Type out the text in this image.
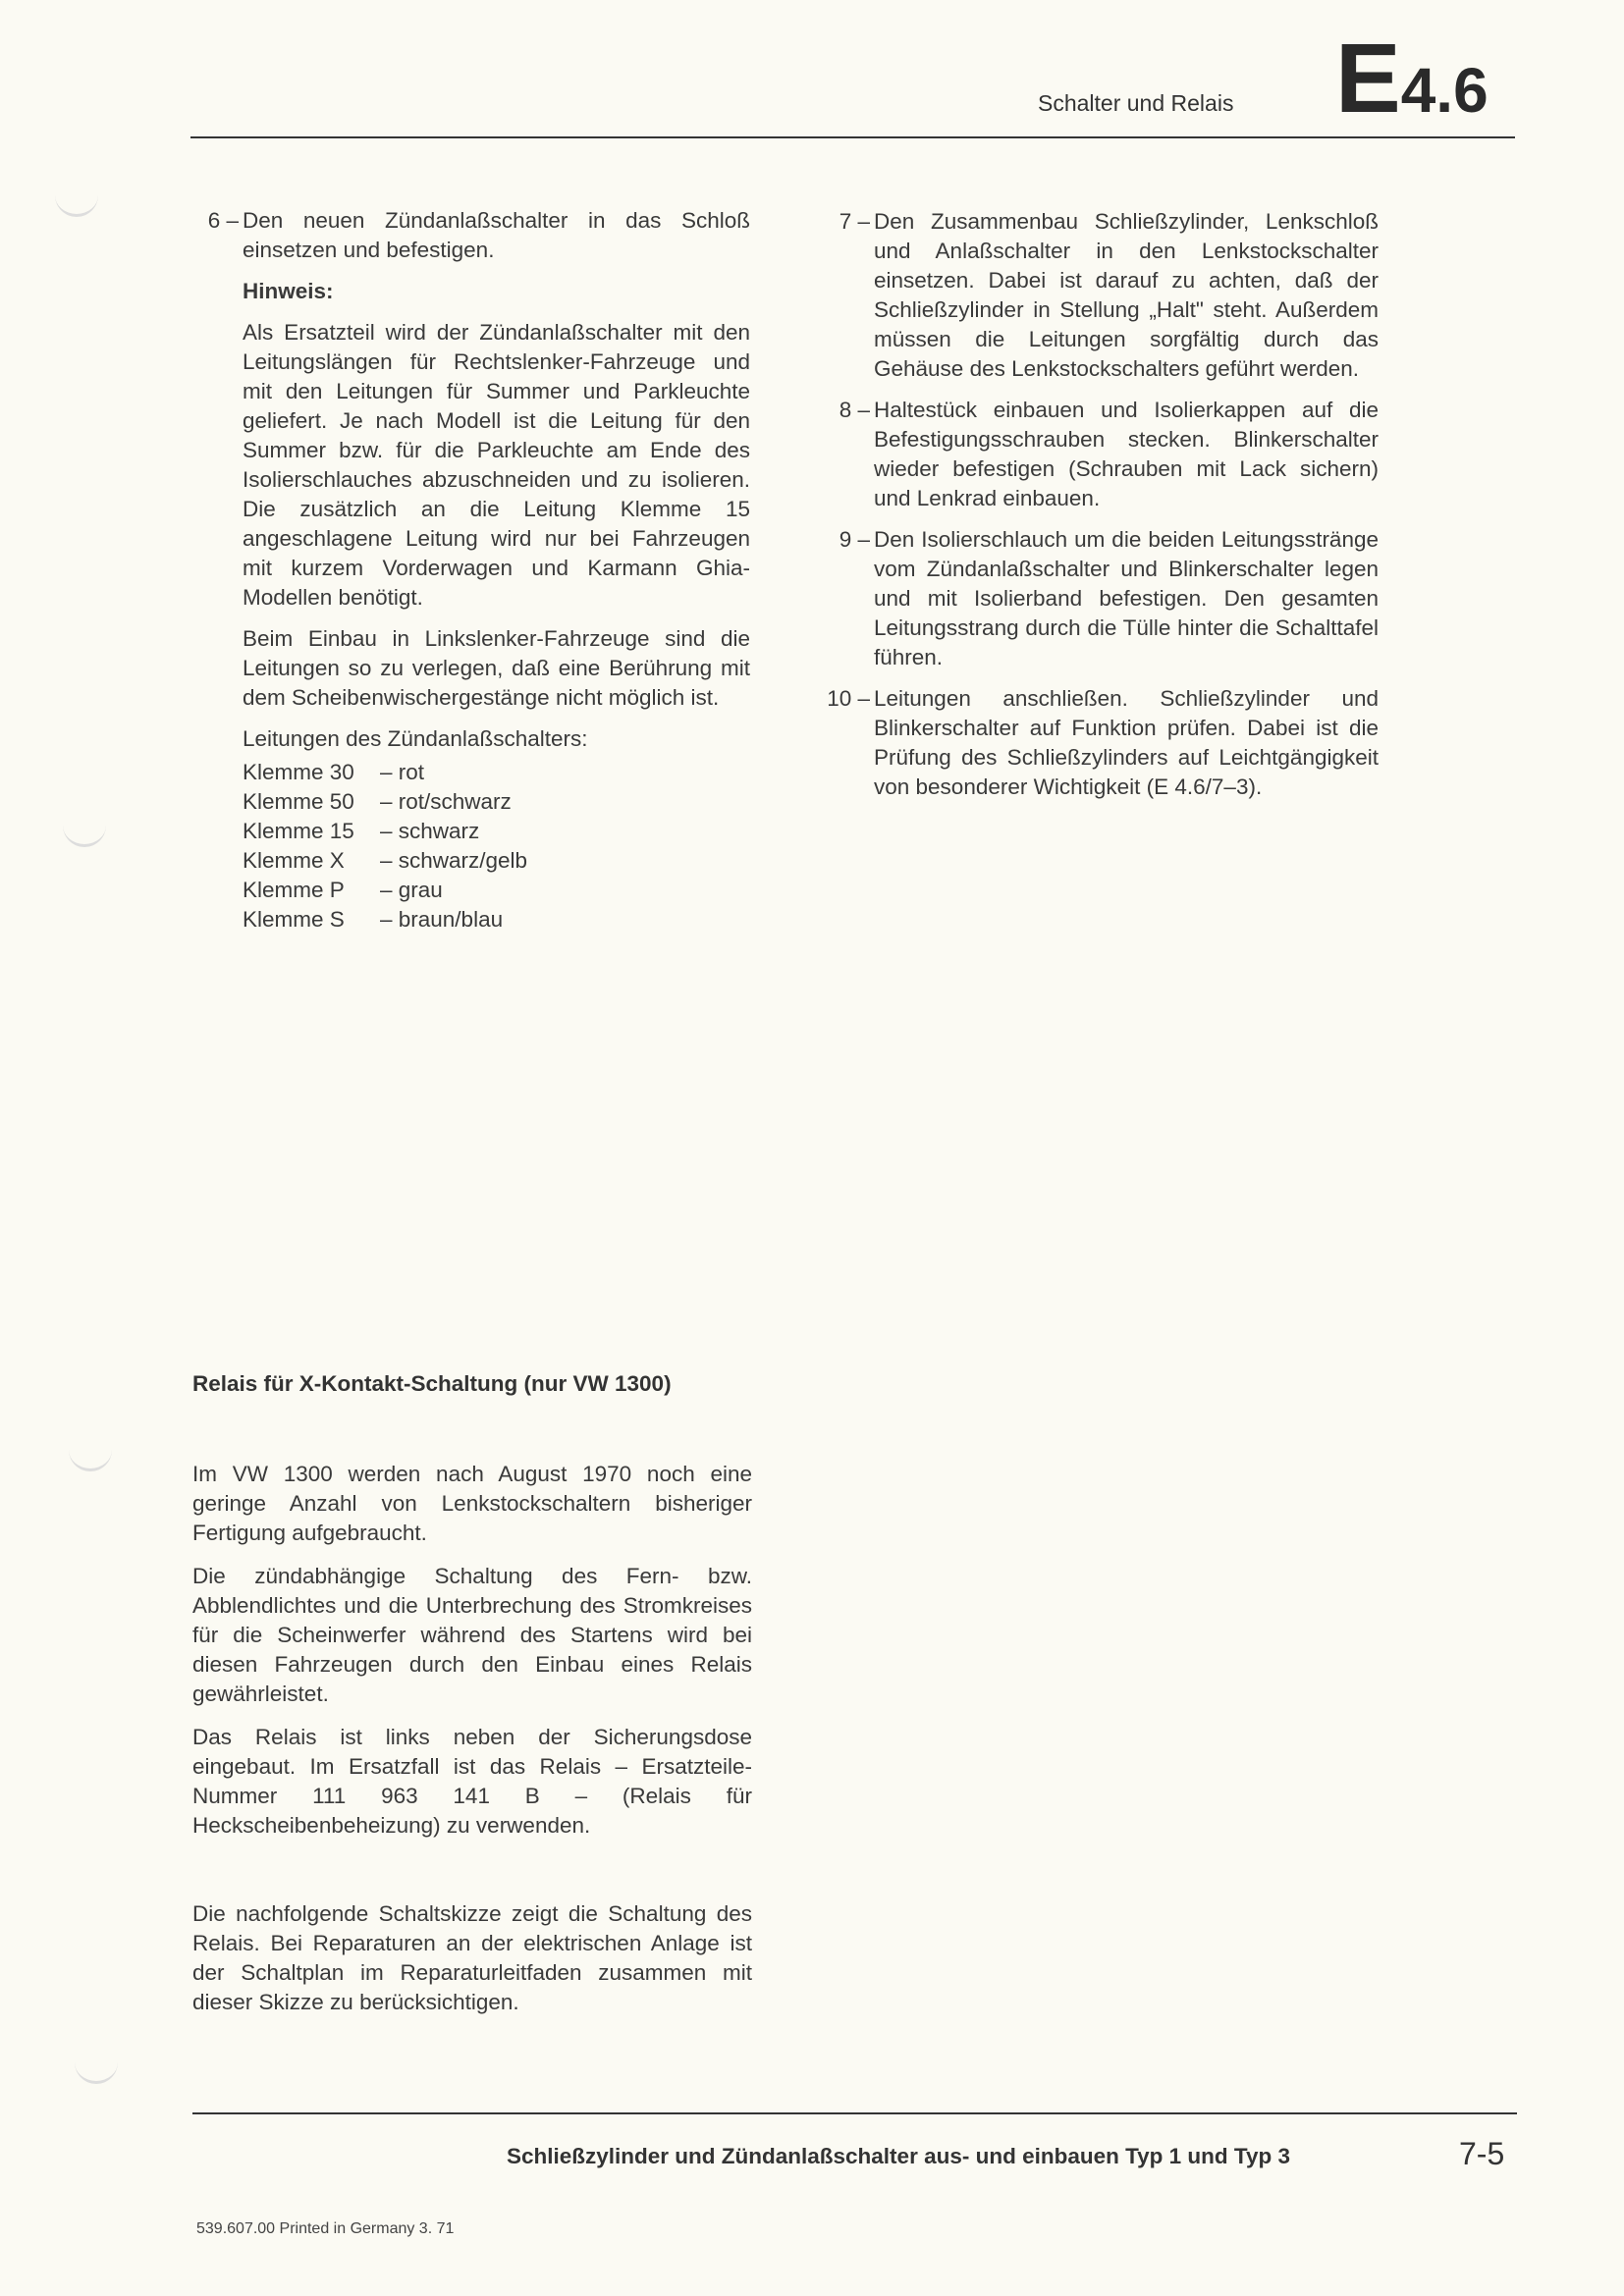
Schalter und Relais E4.6
6 – Den neuen Zündanlaßschalter in das Schloß einsetzen und befestigen.

Hinweis:

Als Ersatzteil wird der Zündanlaßschalter mit den Leitungslängen für Rechtslenker-Fahrzeuge und mit den Leitungen für Summer und Parkleuchte geliefert. Je nach Modell ist die Leitung für den Summer bzw. für die Parkleuchte am Ende des Isolierschlauches abzuschneiden und zu isolieren. Die zusätzlich an die Leitung Klemme 15 angeschlagene Leitung wird nur bei Fahrzeugen mit kurzem Vorderwagen und Karmann Ghia-Modellen benötigt.

Beim Einbau in Linkslenker-Fahrzeuge sind die Leitungen so zu verlegen, daß eine Berührung mit dem Scheibenwischergestänge nicht möglich ist.

Leitungen des Zündanlaßschalters:

Klemme 30	– rot
Klemme 50	– rot/schwarz
Klemme 15	– schwarz
Klemme X	– schwarz/gelb
Klemme P	– grau
Klemme S	– braun/blau
7 – Den Zusammenbau Schließzylinder, Lenkschloß und Anlaßschalter in den Lenkstockschalter einsetzen. Dabei ist darauf zu achten, daß der Schließzylinder in Stellung „Halt" steht. Außerdem müssen die Leitungen sorgfältig durch das Gehäuse des Lenkstockschalters geführt werden.
8 – Haltestück einbauen und Isolierkappen auf die Befestigungsschrauben stecken. Blinkerschalter wieder befestigen (Schrauben mit Lack sichern) und Lenkrad einbauen.
9 – Den Isolierschlauch um die beiden Leitungsstränge vom Zündanlaßschalter und Blinkerschalter legen und mit Isolierband befestigen. Den gesamten Leitungsstrang durch die Tülle hinter die Schalttafel führen.
10 – Leitungen anschließen. Schließzylinder und Blinkerschalter auf Funktion prüfen. Dabei ist die Prüfung des Schließzylinders auf Leichtgängigkeit von besonderer Wichtigkeit (E 4.6/7–3).
Relais für X-Kontakt-Schaltung (nur VW 1300)

Im VW 1300 werden nach August 1970 noch eine geringe Anzahl von Lenkstockschaltern bisheriger Fertigung aufgebraucht.

Die zündabhängige Schaltung des Fern- bzw. Abblendlichtes und die Unterbrechung des Stromkreises für die Scheinwerfer während des Startens wird bei diesen Fahrzeugen durch den Einbau eines Relais gewährleistet.

Das Relais ist links neben der Sicherungsdose eingebaut. Im Ersatzfall ist das Relais – Ersatzteile-Nummer 111 963 141 B – (Relais für Heckscheibenbeheizung) zu verwenden.

Die nachfolgende Schaltskizze zeigt die Schaltung des Relais. Bei Reparaturen an der elektrischen Anlage ist der Schaltplan im Reparaturleitfaden zusammen mit dieser Skizze zu berücksichtigen.
Schließzylinder und Zündanlaßschalter aus- und einbauen Typ 1 und Typ 3	7-5
539.607.00 Printed in Germany 3. 71
